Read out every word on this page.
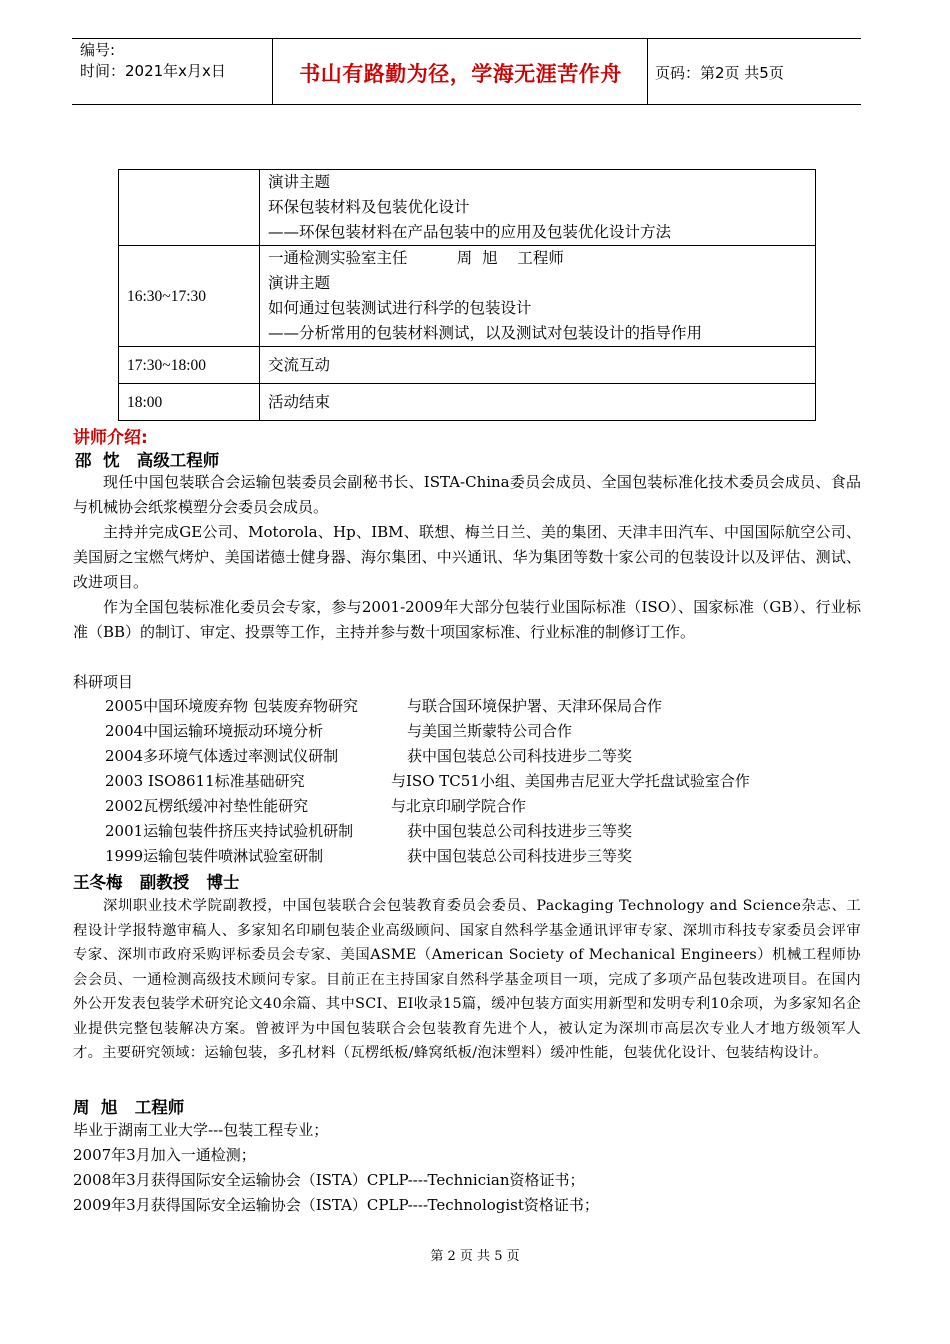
编号:
时间：2021年x月x日	书山有路勤为径，学海无涯苦作舟	页码：第2页 共5页

	演讲主题
环保包装材料及包装优化设计
——环保包装材料在产品包装中的应用及包装优化设计方法

16:30~17:30	一通检测实验室主任          周  旭    工程师
演讲主题
如何通过包装测试进行科学的包装设计
——分析常用的包装材料测试，以及测试对包装设计的指导作用

17:30~18:00	交流互动

18:00	活动结束
讲师介绍:
邵  忱   高级工程师

现任中国包装联合会运输包装委员会副秘书长、ISTA-China委员会成员、全国包装标准化技术委员会成员、食品与机械协会纸浆模塑分会委员会成员。

主持并完成GE公司、Motorola、Hp、IBM、联想、梅兰日兰、美的集团、天津丰田汽车、中国国际航空公司、美国厨之宝燃气烤炉、美国诺德士健身器、海尔集团、中兴通讯、华为集团等数十家公司的包装设计以及评估、测试、改进项目。

作为全国包装标准化委员会专家，参与2001-2009年大部分包装行业国际标准（ISO）、国家标准（GB）、行业标准（BB）的制订、审定、投票等工作，主持并参与数十项国家标准、行业标准的制修订工作。

科研项目
2005中国环境废弃物 包装废弃物研究	与联合国环境保护署、天津环保局合作
2004中国运输环境振动环境分析	与美国兰斯蒙特公司合作
2004多环境气体透过率测试仪研制	获中国包装总公司科技进步二等奖
2003 ISO8611标准基础研究	与ISO TC51小组、美国弗吉尼亚大学托盘试验室合作
2002瓦楞纸缓冲衬垫性能研究	与北京印刷学院合作
2001运输包装件挤压夹持试验机研制	获中国包装总公司科技进步三等奖
1999运输包装件喷淋试验室研制	获中国包装总公司科技进步三等奖
王冬梅   副教授   博士

深圳职业技术学院副教授，中国包装联合会包装教育委员会委员、Packaging Technology and Science杂志、工程设计学报特邀审稿人、多家知名印刷包装企业高级顾问、国家自然科学基金通讯评审专家、深圳市科技专家委员会评审专家、深圳市政府采购评标委员会专家、美国ASME（American Society of Mechanical Engineers）机械工程师协会会员、一通检测高级技术顾问专家。目前正在主持国家自然科学基金项目一项，完成了多项产品包装改进项目。在国内外公开发表包装学术研究论文40余篇、其中SCI、EI收录15篇，缓冲包装方面实用新型和发明专利10余项，为多家知名企业提供完整包装解决方案。曾被评为中国包装联合会包装教育先进个人，被认定为深圳市高层次专业人才地方级领军人才。主要研究领域：运输包装，多孔材料（瓦楞纸板/蜂窝纸板/泡沫塑料）缓冲性能，包装优化设计、包装结构设计。

周  旭   工程师
毕业于湖南工业大学---包装工程专业；
2007年3月加入一通检测；
2008年3月获得国际安全运输协会（ISTA）CPLP----Technician资格证书；
2009年3月获得国际安全运输协会（ISTA）CPLP----Technologist资格证书；
第 2 页 共 5 页
